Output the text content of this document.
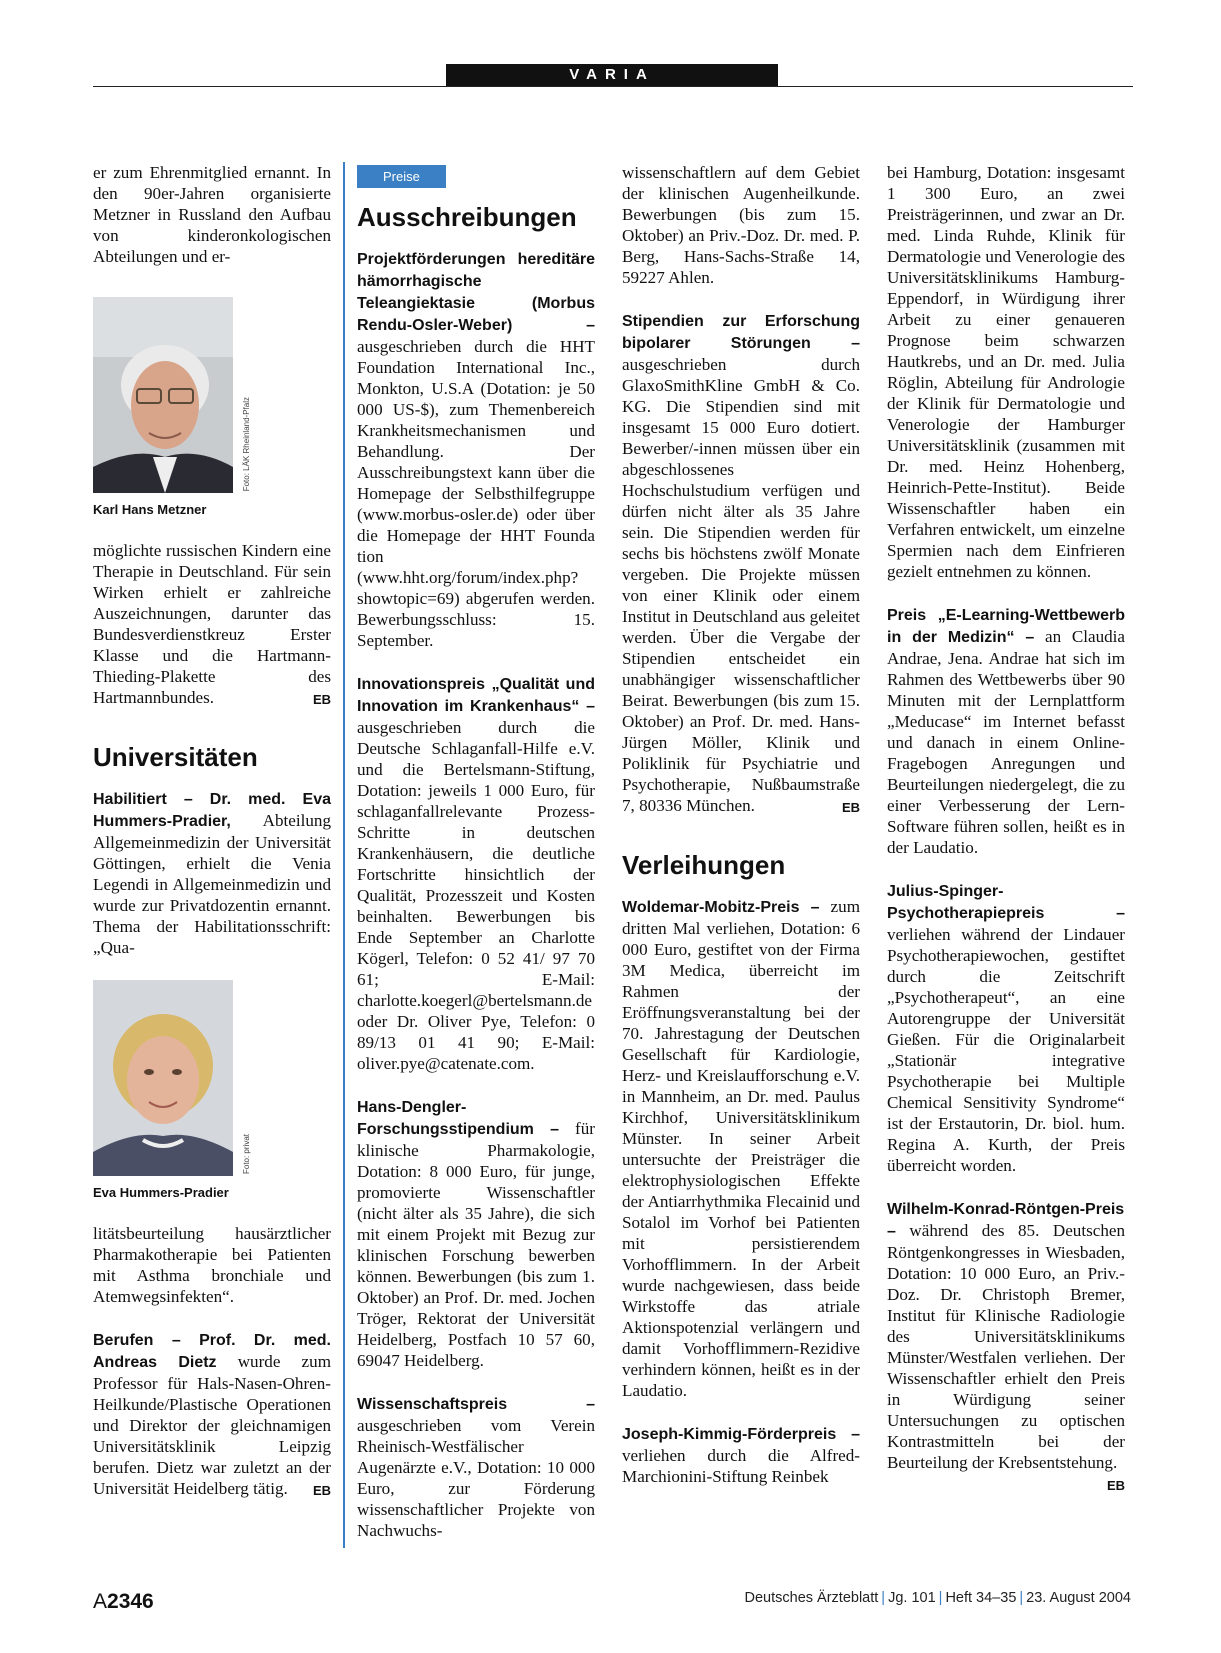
VARIA

er zum Ehrenmitglied ernannt. In den 90er-Jahren organisierte Metzner in Russland den Aufbau von kinderonkologischen Abteilungen und er-

Foto: LÄK Rheinland-Pfalz
Karl Hans Metzner

möglichte russischen Kindern eine Therapie in Deutschland. Für sein Wirken erhielt er zahlreiche Auszeichnungen, darunter das Bundesverdienstkreuz Erster Klasse und die Hartmann-Thieding-Plakette des Hartmannbundes.	EB

Universitäten

Habilitiert – Dr. med. Eva Hummers-Pradier, Abteilung Allgemeinmedizin der Universität Göttingen, erhielt die Venia Legendi in Allgemeinmedizin und wurde zur Privatdozentin ernannt. Thema der Habilitationsschrift: „Qua-

Foto: privat
Eva Hummers-Pradier

litätsbeurteilung hausärztlicher Pharmakotherapie bei Patienten mit Asthma bronchiale und Atemwegsinfekten“.

Berufen – Prof. Dr. med. Andreas Dietz wurde zum Professor für Hals-Nasen-Ohren-Heilkunde/Plastische Operationen und Direktor der gleichnamigen Universitätsklinik Leipzig berufen. Dietz war zuletzt an der Universität Heidelberg tätig. EB

Preise
Ausschreibungen

Projektförderungen hereditäre hämorrhagische Teleangiektasie (Morbus Rendu-Osler-Weber) – ausgeschrieben durch die HHT Foundation International Inc., Monkton, U.S.A (Dotation: je 50 000 US-$), zum Themenbereich Krankheitsmechanismen und Behandlung. Der Ausschreibungstext kann über die Homepage der Selbsthilfegruppe (www.morbus-osler.de) oder über die Homepage der HHT Founda tion (www.hht.org/forum/index.php?showtopic=69) abgerufen werden. Bewerbungsschluss: 15. September.

Innovationspreis „Qualität und Innovation im Krankenhaus“ – ausgeschrieben durch die Deutsche Schlaganfall-Hilfe e.V. und die Bertelsmann-Stiftung, Dotation: jeweils 1 000 Euro, für schlaganfallrelevante Prozess-Schritte in deutschen Krankenhäusern, die deutliche Fortschritte hinsichtlich der Qualität, Prozesszeit und Kosten beinhalten. Bewerbungen bis Ende September an Charlotte Kögerl, Telefon: 0 52 41/ 97 70 61; E-Mail: charlotte.koegerl@bertelsmann.de oder Dr. Oliver Pye, Telefon: 0 89/13 01 41 90; E-Mail: oliver.pye@catenate.com.

Hans-Dengler-Forschungsstipendium – für klinische Pharmakologie, Dotation: 8 000 Euro, für junge, promovierte Wissenschaftler (nicht älter als 35 Jahre), die sich mit einem Projekt mit Bezug zur klinischen Forschung bewerben können. Bewerbungen (bis zum 1. Oktober) an Prof. Dr. med. Jochen Tröger, Rektorat der Universität Heidelberg, Postfach 10 57 60, 69047 Heidelberg.

Wissenschaftspreis – ausgeschrieben vom Verein Rheinisch-Westfälischer Augenärzte e.V., Dotation: 10 000 Euro, zur Förderung wissenschaftlicher Projekte von Nachwuchs-

wissenschaftlern auf dem Gebiet der klinischen Augenheilkunde. Bewerbungen (bis zum 15. Oktober) an Priv.-Doz. Dr. med. P. Berg, Hans-Sachs-Straße 14, 59227 Ahlen.

Stipendien zur Erforschung bipolarer Störungen – ausgeschrieben durch GlaxoSmithKline GmbH & Co. KG. Die Stipendien sind mit insgesamt 15 000 Euro dotiert. Bewerber/-innen müssen über ein abgeschlossenes Hochschulstudium verfügen und dürfen nicht älter als 35 Jahre sein. Die Stipendien werden für sechs bis höchstens zwölf Monate vergeben. Die Projekte müssen von einer Klinik oder einem Institut in Deutschland aus geleitet werden. Über die Vergabe der Stipendien entscheidet ein unabhängiger wissenschaftlicher Beirat. Bewerbungen (bis zum 15. Oktober) an Prof. Dr. med. Hans-Jürgen Möller, Klinik und Poliklinik für Psychiatrie und Psychotherapie, Nußbaumstraße 7, 80336 München.	EB

Verleihungen

Woldemar-Mobitz-Preis – zum dritten Mal verliehen, Dotation: 6 000 Euro, gestiftet von der Firma 3M Medica, überreicht im Rahmen der Eröffnungsveranstaltung bei der 70. Jahrestagung der Deutschen Gesellschaft für Kardiologie, Herz- und Kreislaufforschung e.V. in Mannheim, an Dr. med. Paulus Kirchhof, Universitätsklinikum Münster. In seiner Arbeit untersuchte der Preisträger die elektrophysiologischen Effekte der Antiarrhythmika Flecainid und Sotalol im Vorhof bei Patienten mit persistierendem Vorhofflimmern. In der Arbeit wurde nachgewiesen, dass beide Wirkstoffe das atriale Aktionspotenzial verlängern und damit Vorhofflimmern-Rezidive verhindern können, heißt es in der Laudatio.

Joseph-Kimmig-Förderpreis – verliehen durch die Alfred-Marchionini-Stiftung Reinbek

bei Hamburg, Dotation: insgesamt 1 300 Euro, an zwei Preisträgerinnen, und zwar an Dr. med. Linda Ruhde, Klinik für Dermatologie und Venerologie des Universitätsklinikums Hamburg-Eppendorf, in Würdigung ihrer Arbeit zu einer genaueren Prognose beim schwarzen Hautkrebs, und an Dr. med. Julia Röglin, Abteilung für Andrologie der Klinik für Dermatologie und Venerologie der Hamburger Universitätsklinik (zusammen mit Dr. med. Heinz Hohenberg, Heinrich-Pette-Institut). Beide Wissenschaftler haben ein Verfahren entwickelt, um einzelne Spermien nach dem Einfrieren gezielt entnehmen zu können.

Preis „E-Learning-Wettbewerb in der Medizin“ – an Claudia Andrae, Jena. Andrae hat sich im Rahmen des Wettbewerbs über 90 Minuten mit der Lernplattform „Meducase“ im Internet befasst und danach in einem Online-Fragebogen Anregungen und Beurteilungen niedergelegt, die zu einer Verbesserung der Lern-Software führen sollen, heißt es in der Laudatio.

Julius-Spinger-Psychotherapiepreis – verliehen während der Lindauer Psychotherapiewochen, gestiftet durch die Zeitschrift „Psychotherapeut“, an eine Autorengruppe der Universität Gießen. Für die Originalarbeit „Stationär integrative Psychotherapie bei Multiple Chemical Sensitivity Syndrome“ ist der Erstautorin, Dr. biol. hum. Regina A. Kurth, der Preis überreicht worden.

Wilhelm-Konrad-Röntgen-Preis – während des 85. Deutschen Röntgenkongresses in Wiesbaden, Dotation: 10 000 Euro, an Priv.-Doz. Dr. Christoph Bremer, Institut für Klinische Radiologie des Universitätsklinikums Münster/Westfalen verliehen. Der Wissenschaftler erhielt den Preis in Würdigung seiner Untersuchungen zu optischen Kontrastmitteln bei der Beurteilung der Krebsentstehung.
EB

A2346	Deutsches Ärzteblatt | Jg. 101 | Heft 34–35 | 23. August 2004
